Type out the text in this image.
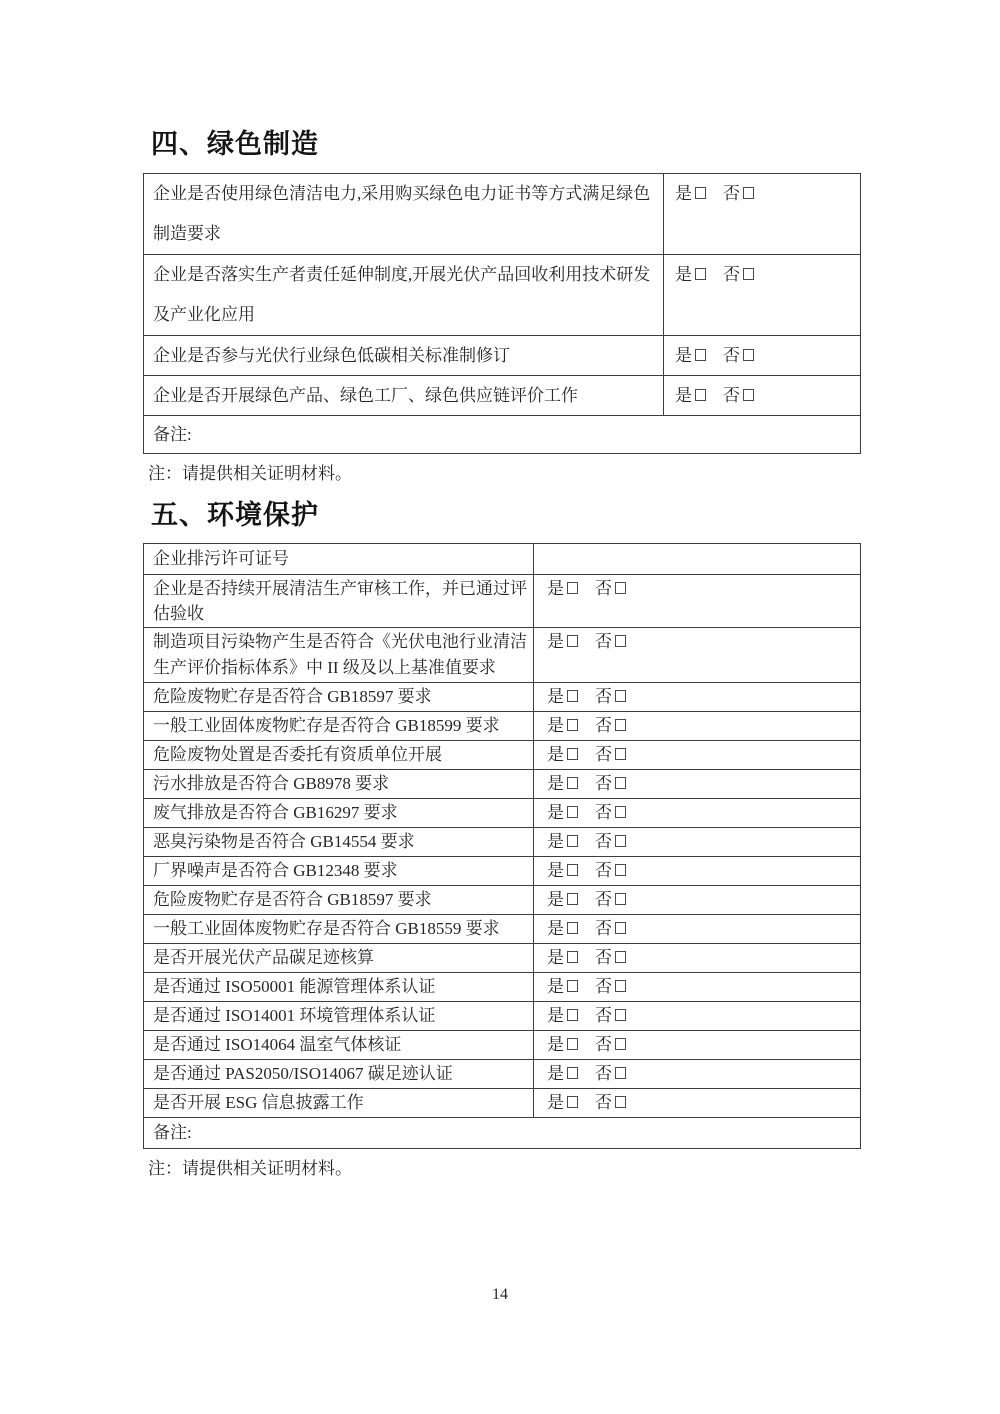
四、绿色制造
企业是否使用绿色清洁电力,采用购买绿色电力证书等方式满足绿色制造要求	是 否
企业是否落实生产者责任延伸制度,开展光伏产品回收利用技术研发及产业化应用	是 否
企业是否参与光伏行业绿色低碳相关标准制修订	是 否
企业是否开展绿色产品、绿色工厂、绿色供应链评价工作	是 否
备注:	
注：请提供相关证明材料。
五、环境保护
企业排污许可证号	
企业是否持续开展清洁生产审核工作，并已通过评估验收	是 否
制造项目污染物产生是否符合《光伏电池行业清洁生产评价指标体系》中 II 级及以上基准值要求	是 否
危险废物贮存是否符合 GB18597 要求	是 否
一般工业固体废物贮存是否符合 GB18599 要求	是 否
危险废物处置是否委托有资质单位开展	是 否
污水排放是否符合 GB8978 要求	是 否
废气排放是否符合 GB16297 要求	是 否
恶臭污染物是否符合 GB14554 要求	是 否
厂界噪声是否符合 GB12348 要求	是 否
危险废物贮存是否符合 GB18597 要求	是 否
一般工业固体废物贮存是否符合 GB18559 要求	是 否
是否开展光伏产品碳足迹核算	是 否
是否通过 ISO50001 能源管理体系认证	是 否
是否通过 ISO14001 环境管理体系认证	是 否
是否通过 ISO14064 温室气体核证	是 否
是否通过 PAS2050/ISO14067 碳足迹认证	是 否
是否开展 ESG 信息披露工作	是 否
备注:	
注：请提供相关证明材料。
14
